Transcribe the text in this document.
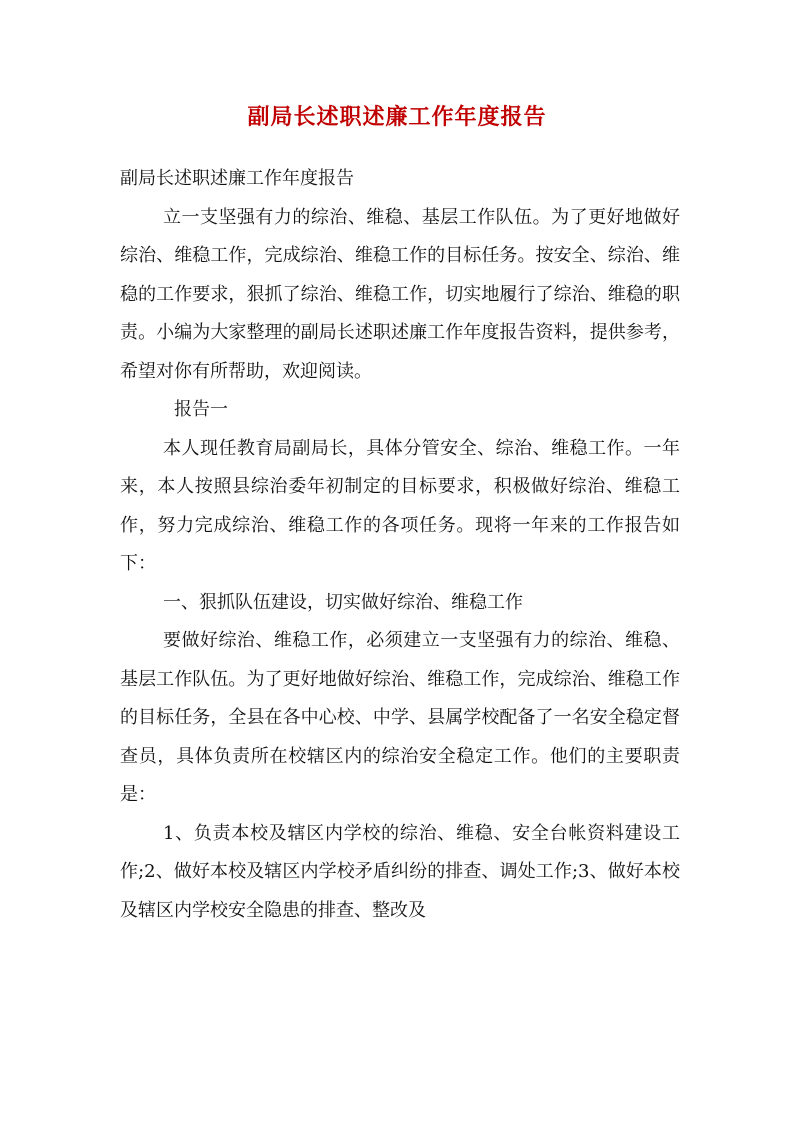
副局长述职述廉工作年度报告

副局长述职述廉工作年度报告

立一支坚强有力的综治、维稳、基层工作队伍。为了更好地做好综治、维稳工作，完成综治、维稳工作的目标任务。按安全、综治、维稳的工作要求，狠抓了综治、维稳工作，切实地履行了综治、维稳的职责。小编为大家整理的副局长述职述廉工作年度报告资料，提供参考，希望对你有所帮助，欢迎阅读。

报告一

本人现任教育局副局长，具体分管安全、综治、维稳工作。一年来，本人按照县综治委年初制定的目标要求，积极做好综治、维稳工作，努力完成综治、维稳工作的各项任务。现将一年来的工作报告如下：

一、狠抓队伍建设，切实做好综治、维稳工作

要做好综治、维稳工作，必须建立一支坚强有力的综治、维稳、基层工作队伍。为了更好地做好综治、维稳工作，完成综治、维稳工作的目标任务，全县在各中心校、中学、县属学校配备了一名安全稳定督查员，具体负责所在校辖区内的综治安全稳定工作。他们的主要职责是：

1、负责本校及辖区内学校的综治、维稳、安全台帐资料建设工作;2、做好本校及辖区内学校矛盾纠纷的排查、调处工作;3、做好本校及辖区内学校安全隐患的排查、整改及
